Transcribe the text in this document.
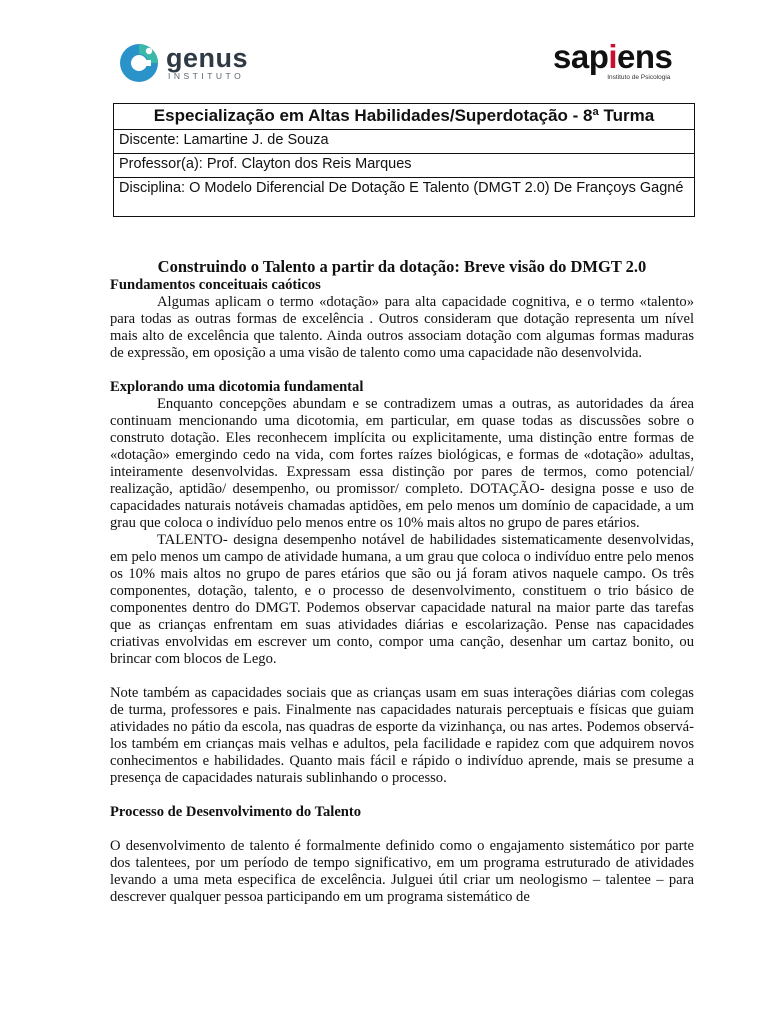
genus
INSTITUTO
sapiens
Instituto de Psicologia
Especialização em Altas Habilidades/Superdotação - 8ª Turma
Discente: Lamartine J. de Souza
Professor(a): Prof. Clayton dos Reis Marques
Disciplina: O Modelo Diferencial De Dotação E Talento (DMGT 2.0) De Françoys Gagné
Construindo o Talento a partir da dotação: Breve visão do DMGT 2.0
Fundamentos conceituais caóticos

Algumas aplicam o termo «dotação» para alta capacidade cognitiva, e o termo «talento» para todas as outras formas de excelência . Outros consideram que dotação representa um nível mais alto de excelência que talento. Ainda outros associam dotação com algumas formas maduras de expressão, em oposição a uma visão de talento como uma capacidade não desenvolvida.

Explorando uma dicotomia fundamental

Enquanto concepções abundam e se contradizem umas a outras, as autoridades da área continuam mencionando uma dicotomia, em particular, em quase todas as discussões sobre o construto dotação. Eles reconhecem implícita ou explicitamente, uma distinção entre formas de «dotação» emergindo cedo na vida, com fortes raízes biológicas, e formas de «dotação» adultas, inteiramente desenvolvidas. Expressam essa distinção por pares de termos, como potencial/ realização, aptidão/ desempenho, ou promissor/ completo. DOTAÇÃO- designa posse e uso de capacidades naturais notáveis chamadas aptidões, em pelo menos um domínio de capacidade, a um grau que coloca o indivíduo pelo menos entre os 10% mais altos no grupo de pares etários.

TALENTO- designa desempenho notável de habilidades sistematicamente desenvolvidas, em pelo menos um campo de atividade humana, a um grau que coloca o indivíduo entre pelo menos os 10% mais altos no grupo de pares etários que são ou já foram ativos naquele campo. Os três componentes, dotação, talento, e o processo de desenvolvimento, constituem o trio básico de componentes dentro do DMGT. Podemos observar capacidade natural na maior parte das tarefas que as crianças enfrentam em suas atividades diárias e escolarização. Pense nas capacidades criativas envolvidas em escrever um conto, compor uma canção, desenhar um cartaz bonito, ou brincar com blocos de Lego.

Note também as capacidades sociais que as crianças usam em suas interações diárias com colegas de turma, professores e pais. Finalmente nas capacidades naturais perceptuais e físicas que guiam atividades no pátio da escola, nas quadras de esporte da vizinhança, ou nas artes. Podemos observá-los também em crianças mais velhas e adultos, pela facilidade e rapidez com que adquirem novos conhecimentos e habilidades. Quanto mais fácil e rápido o indivíduo aprende, mais se presume a presença de capacidades naturais sublinhando o processo.

Processo de Desenvolvimento do Talento

O desenvolvimento de talento é formalmente definido como o engajamento sistemático por parte dos talentees, por um período de tempo significativo, em um programa estruturado de atividades levando a uma meta especifica de excelência. Julguei útil criar um neologismo – talentee – para descrever qualquer pessoa participando em um programa sistemático de
